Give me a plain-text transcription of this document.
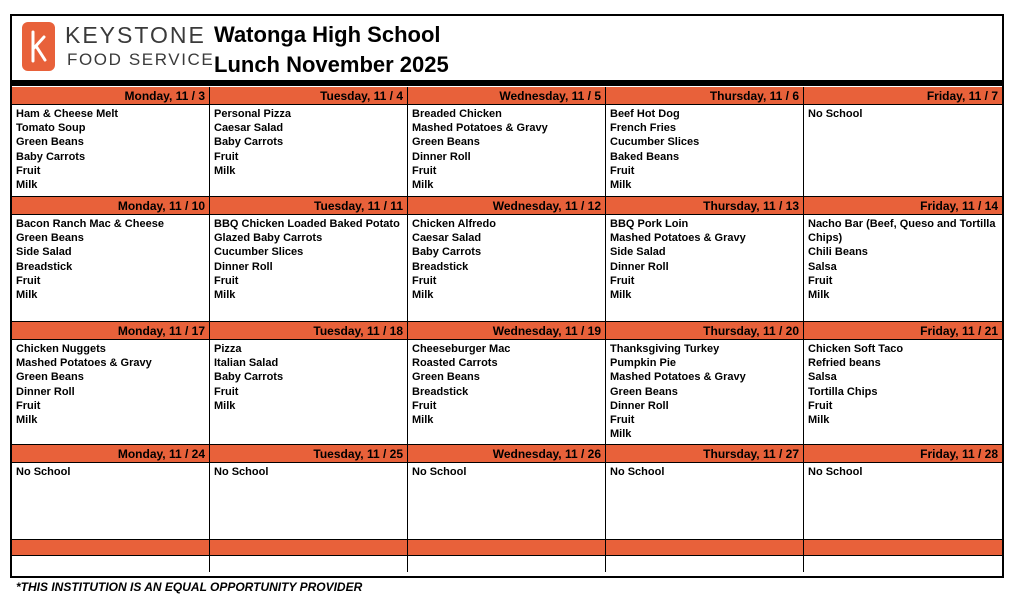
KEYSTONE
FOOD SERVICE
Watonga High School
Lunch November 2025
Monday, 11 / 3
Ham & Cheese Melt
Tomato Soup
Green Beans
Baby Carrots
Fruit
Milk
Tuesday, 11 / 4
Personal Pizza
Caesar Salad
Baby Carrots
Fruit
Milk
Wednesday, 11 / 5
Breaded Chicken
Mashed Potatoes & Gravy
Green Beans
Dinner Roll
Fruit
Milk
Thursday, 11 / 6
Beef Hot Dog
French Fries
Cucumber Slices
Baked Beans
Fruit
Milk
Friday, 11 / 7
No School
Monday, 11 / 10
Bacon Ranch Mac & Cheese
Green Beans
Side Salad
Breadstick
Fruit
Milk
Tuesday, 11 / 11
BBQ Chicken Loaded Baked Potato
Glazed Baby Carrots
Cucumber Slices
Dinner Roll
Fruit
Milk
Wednesday, 11 / 12
Chicken Alfredo
Caesar Salad
Baby Carrots
Breadstick
Fruit
Milk
Thursday, 11 / 13
BBQ Pork Loin
Mashed Potatoes & Gravy
Side Salad
Dinner Roll
Fruit
Milk
Friday, 11 / 14
Nacho Bar (Beef, Queso and Tortilla Chips)
Chili Beans
Salsa
Fruit
Milk
Monday, 11 / 17
Chicken Nuggets
Mashed Potatoes & Gravy
Green Beans
Dinner Roll
Fruit
Milk
Tuesday, 11 / 18
Pizza
Italian Salad
Baby Carrots
Fruit
Milk
Wednesday, 11 / 19
Cheeseburger Mac
Roasted Carrots
Green Beans
Breadstick
Fruit
Milk
Thursday, 11 / 20
Thanksgiving Turkey
Pumpkin Pie
Mashed Potatoes & Gravy
Green Beans
Dinner Roll
Fruit
Milk
Friday, 11 / 21
Chicken Soft Taco
Refried beans
Salsa
Tortilla Chips
Fruit
Milk
Monday, 11 / 24
No School
Tuesday, 11 / 25
No School
Wednesday, 11 / 26
No School
Thursday, 11 / 27
No School
Friday, 11 / 28
No School
*THIS INSTITUTION IS AN EQUAL OPPORTUNITY PROVIDER
